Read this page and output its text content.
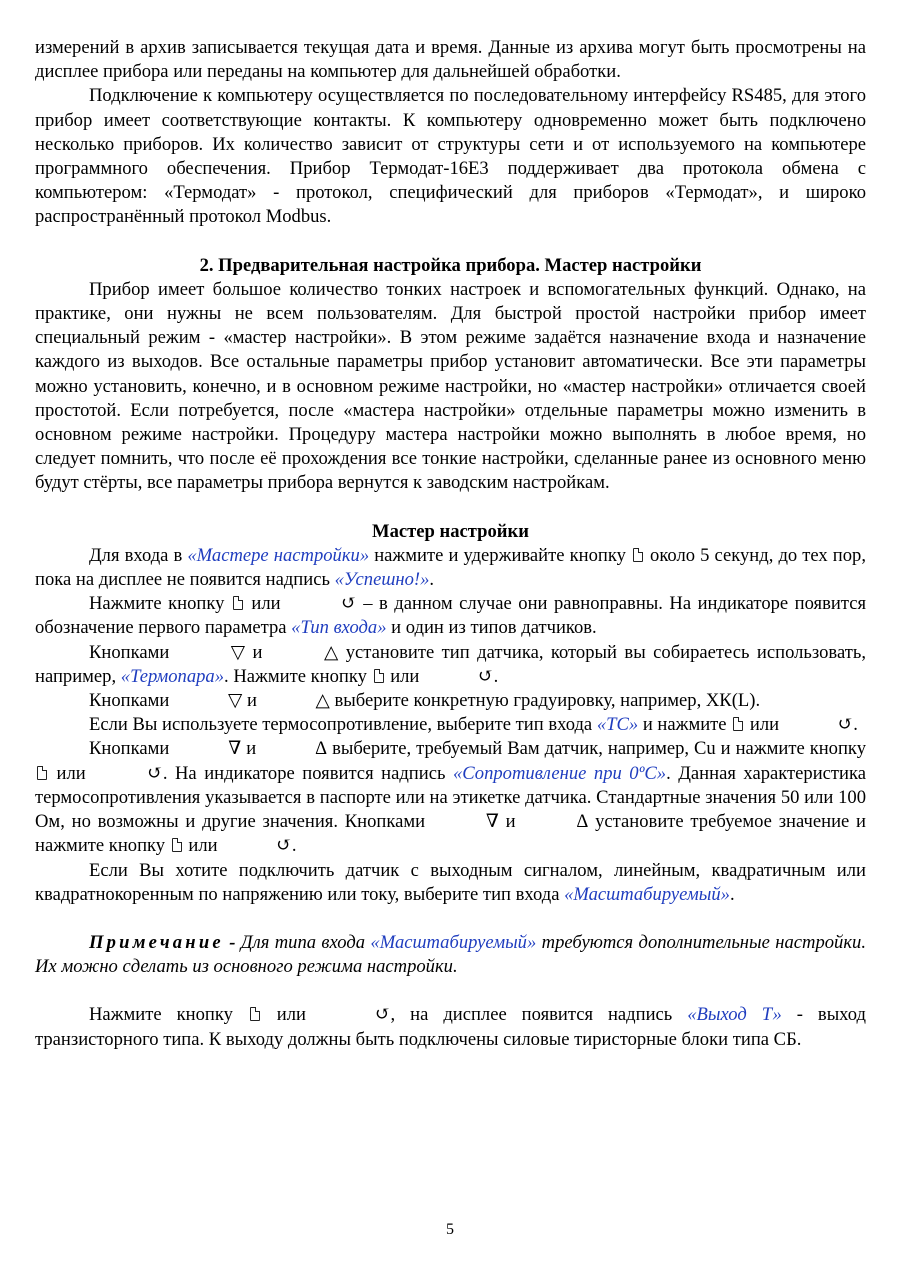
измерений в архив записывается текущая дата и время. Данные из архива могут быть просмотрены на дисплее прибора или переданы на компьютер для дальнейшей обработки.

Подключение к компьютеру осуществляется по последовательному интерфейсу RS485, для этого прибор имеет соответствующие контакты. К компьютеру одновременно может быть подключено несколько приборов. Их количество зависит от структуры сети и от используемого на компьютере программного обеспечения. Прибор Термодат-16Е3 поддерживает два протокола обмена с компьютером: «Термодат» - протокол, специфический для приборов «Термодат», и широко распространённый протокол Modbus.

2. Предварительная настройка прибора. Мастер настройки

Прибор имеет большое количество тонких настроек и вспомогательных функций. Однако, на практике, они нужны не всем пользователям. Для быстрой простой настройки прибор имеет специальный режим - «мастер настройки». В этом режиме задаётся назначение входа и назначение каждого из выходов. Все остальные параметры прибор установит автоматически. Все эти параметры можно установить, конечно, и в основном режиме настройки, но «мастер настройки» отличается своей простотой. Если потребуется, после «мастера настройки» отдельные параметры можно изменить в основном режиме настройки. Процедуру мастера настройки можно выполнять в любое время, но следует помнить, что после её прохождения все тонкие настройки, сделанные ранее из основного меню будут стёрты, все параметры прибора вернутся к заводским настройкам.

Мастер настройки

Для входа в «Мастере настройки» нажмите и удерживайте кнопку  около 5 секунд, до тех пор, пока на дисплее не появится надпись «Успешно!».

Нажмите кнопку  или	↺ – в данном случае они равноправны. На индикаторе появится обозначение первого параметра «Тип входа» и один из типов датчиков.

Кнопками	▽ и	△ установите тип датчика, который вы собираетесь использовать, например, «Термопара». Нажмите кнопку  или	↺.

Кнопками	▽ и	△ выберите конкретную градуировку, например, ХК(L).

Если Вы используете термосопротивление, выберите тип входа «ТС» и нажмите  или	↺.

Кнопками	∇ и	Δ выберите, требуемый Вам датчик, например, Cu и нажмите кнопку  или	↺. На индикаторе появится надпись «Сопротивление при 0ºС». Данная характеристика термосопротивления указывается в паспорте или на этикетке датчика. Стандартные значения 50 или 100 Ом, но возможны и другие значения. Кнопками	∇ и	Δ установите требуемое значение и нажмите кнопку  или	↺.

Если Вы хотите подключить датчик с выходным сигналом, линейным, квадратичным или квадратнокоренным по напряжению или току, выберите тип входа «Масштабируемый».

Примечание - Для типа входа «Масштабируемый» требуются дополнительные настройки. Их можно сделать из основного режима настройки.

Нажмите кнопку  или	↺, на дисплее появится надпись «Выход Т» - выход транзисторного типа. К выходу должны быть подключены силовые тиристорные блоки типа СБ.

5
